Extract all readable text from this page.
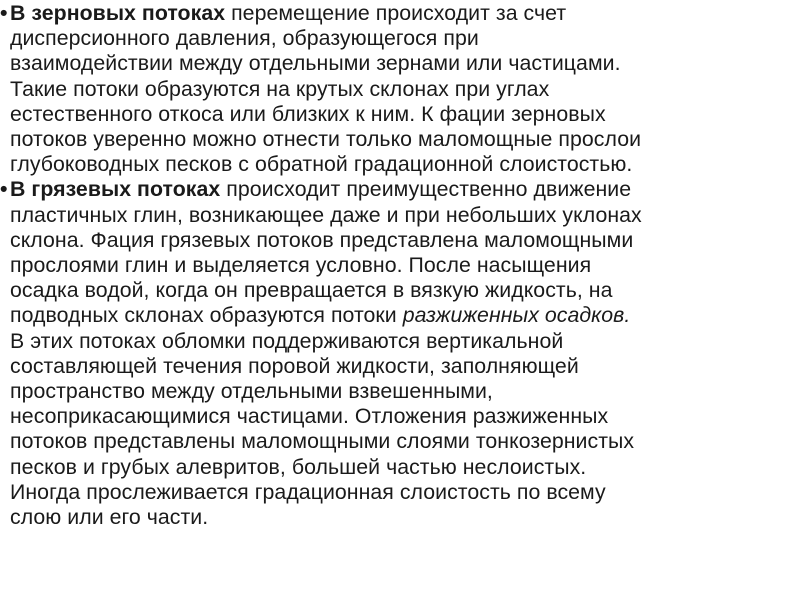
• В зерновых потоках перемещение происходит за счет
дисперсионного давления, образующегося при
взаимодействии между отдельными зернами или частицами.
Такие потоки образуются на крутых склонах при углах
естественного откоса или близких к ним. К фации зерновых
потоков уверенно можно отнести только маломощные прослои
глубоководных песков с обратной градационной слоистостью.
• В грязевых потоках происходит преимущественно движение
пластичных глин, возникающее даже и при небольших уклонах
склона. Фация грязевых потоков представлена маломощными
прослоями глин и выделяется условно. После насыщения
осадка водой, когда он превращается в вязкую жидкость, на
подводных склонах образуются потоки разжиженных осадков.
В этих потоках обломки поддерживаются вертикальной
составляющей течения поровой жидкости, заполняющей
пространство между отдельными взвешенными,
несоприкасающимися частицами. Отложения разжиженных
потоков представлены маломощными слоями тонкозернистых
песков и грубых алевритов, большей частью неслоистых.
Иногда прослеживается градационная слоистость по всему
слою или его части.
